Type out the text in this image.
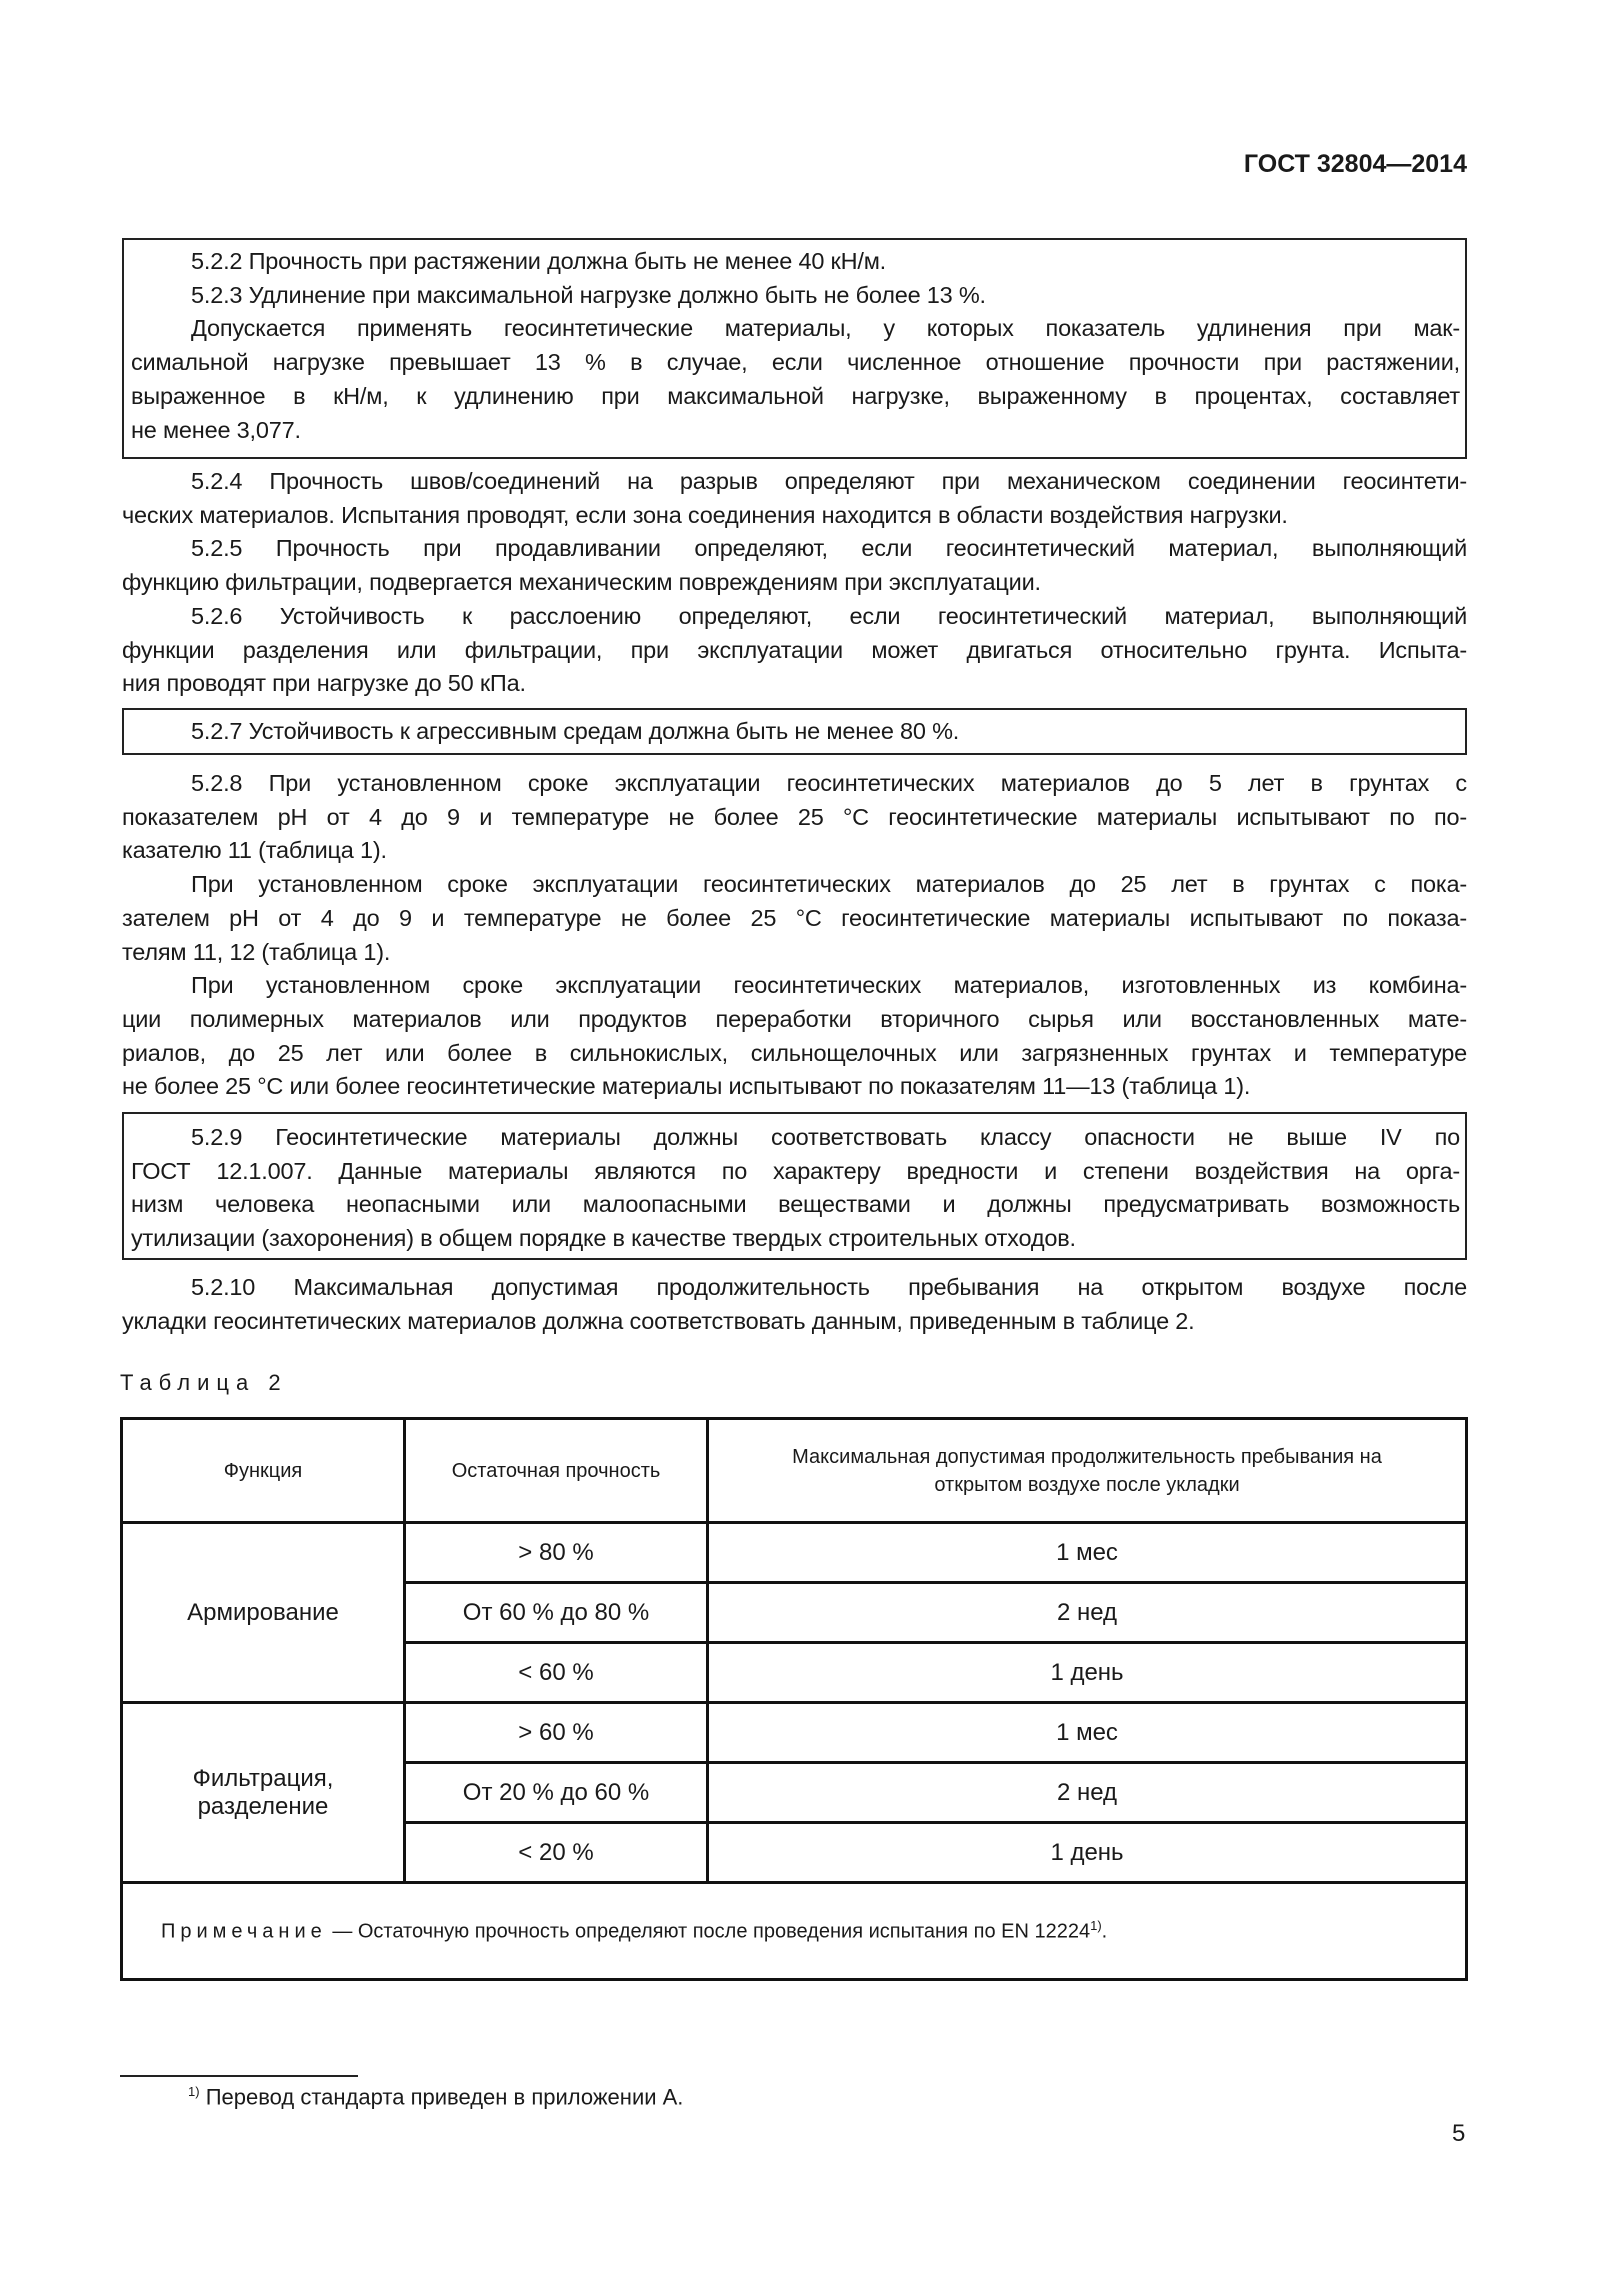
ГОСТ 32804—2014
5.2.2 Прочность при растяжении должна быть не менее 40 кН/м.
5.2.3 Удлинение при максимальной нагрузке должно быть не более 13 %.
Допускается применять геосинтетические материалы, у которых показатель удлинения при мак-
симальной нагрузке превышает 13 % в случае, если численное отношение прочности при растяжении,
выраженное в кН/м, к удлинению при максимальной нагрузке, выраженному в процентах, составляет
не менее 3,077.
5.2.4 Прочность швов/соединений на разрыв определяют при механическом соединении геосинтети-
ческих материалов. Испытания проводят, если зона соединения находится в области воздействия нагрузки.
5.2.5 Прочность при продавливании определяют, если геосинтетический материал, выполняющий
функцию фильтрации, подвергается механическим повреждениям при эксплуатации.
5.2.6 Устойчивость к расслоению определяют, если геосинтетический материал, выполняющий
функции разделения или фильтрации, при эксплуатации может двигаться относительно грунта. Испыта-
ния проводят при нагрузке до 50 кПа.
5.2.7 Устойчивость к агрессивным средам должна быть не менее 80 %.
5.2.8 При установленном сроке эксплуатации геосинтетических материалов до 5 лет в грунтах с
показателем pH от 4 до 9 и температуре не более 25 °С геосинтетические материалы испытывают по по-
казателю 11 (таблица 1).
При установленном сроке эксплуатации геосинтетических материалов до 25 лет в грунтах с пока-
зателем pH от 4 до 9 и температуре не более 25 °С геосинтетические материалы испытывают по показа-
телям 11, 12 (таблица 1).
При установленном сроке эксплуатации геосинтетических материалов, изготовленных из комбина-
ции полимерных материалов или продуктов переработки вторичного сырья или восстановленных мате-
риалов, до 25 лет или более в сильнокислых, сильнощелочных или загрязненных грунтах и температуре
не более 25 °С или более геосинтетические материалы испытывают по показателям 11—13 (таблица 1).
5.2.9 Геосинтетические материалы должны соответствовать классу опасности не выше IV по
ГОСТ 12.1.007. Данные материалы являются по характеру вредности и степени воздействия на орга-
низм человека неопасными или малоопасными веществами и должны предусматривать возможность
утилизации (захоронения) в общем порядке в качестве твердых строительных отходов.
5.2.10 Максимальная допустимая продолжительность пребывания на открытом воздухе после
укладки геосинтетических материалов должна соответствовать данным, приведенным в таблице 2.
Таблица 2
Функция	Остаточная прочность	Максимальная допустимая продолжительность пребывания на открытом воздухе после укладки
Армирование	> 80 %	1 мес
	От 60 % до 80 %	2 нед
	< 60 %	1 день
Фильтрация, разделение	> 60 %	1 мес
	От 20 % до 60 %	2 нед
	< 20 %	1 день
Примечание — Остаточную прочность определяют после проведения испытания по EN 12224$^{1)}$.		
$^{1)}$ Перевод стандарта приведен в приложении А.
5
